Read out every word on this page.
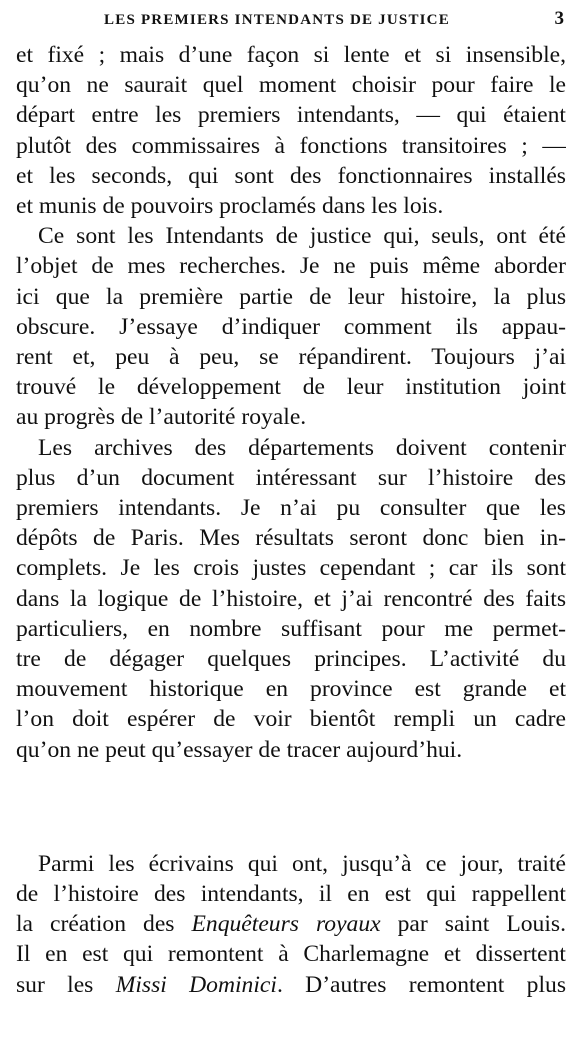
LES PREMIERS INTENDANTS DE JUSTICE	3
et fixé ; mais d’une façon si lente et si insensible,
qu’on ne saurait quel moment choisir pour faire le
départ entre les premiers intendants, — qui étaient
plutôt des commissaires à fonctions transitoires ; —
et les seconds, qui sont des fonctionnaires installés
et munis de pouvoirs proclamés dans les lois.
Ce sont les Intendants de justice qui, seuls, ont été
l’objet de mes recherches. Je ne puis même aborder
ici que la première partie de leur histoire, la plus
obscure. J’essaye d’indiquer comment ils appau-
rent et, peu à peu, se répandirent. Toujours j’ai
trouvé le développement de leur institution joint
au progrès de l’autorité royale.
Les archives des départements doivent contenir
plus d’un document intéressant sur l’histoire des
premiers intendants. Je n’ai pu consulter que les
dépôts de Paris. Mes résultats seront donc bien in-
complets. Je les crois justes cependant ; car ils sont
dans la logique de l’histoire, et j’ai rencontré des faits
particuliers, en nombre suffisant pour me permet-
tre de dégager quelques principes. L’activité du
mouvement historique en province est grande et
l’on doit espérer de voir bientôt rempli un cadre
qu’on ne peut qu’essayer de tracer aujourd’hui.
Parmi les écrivains qui ont, jusqu’à ce jour, traité
de l’histoire des intendants, il en est qui rappellent
la création des Enquêteurs royaux par saint Louis.
Il en est qui remontent à Charlemagne et dissertent
sur les Missi Dominici. D’autres remontent plus
